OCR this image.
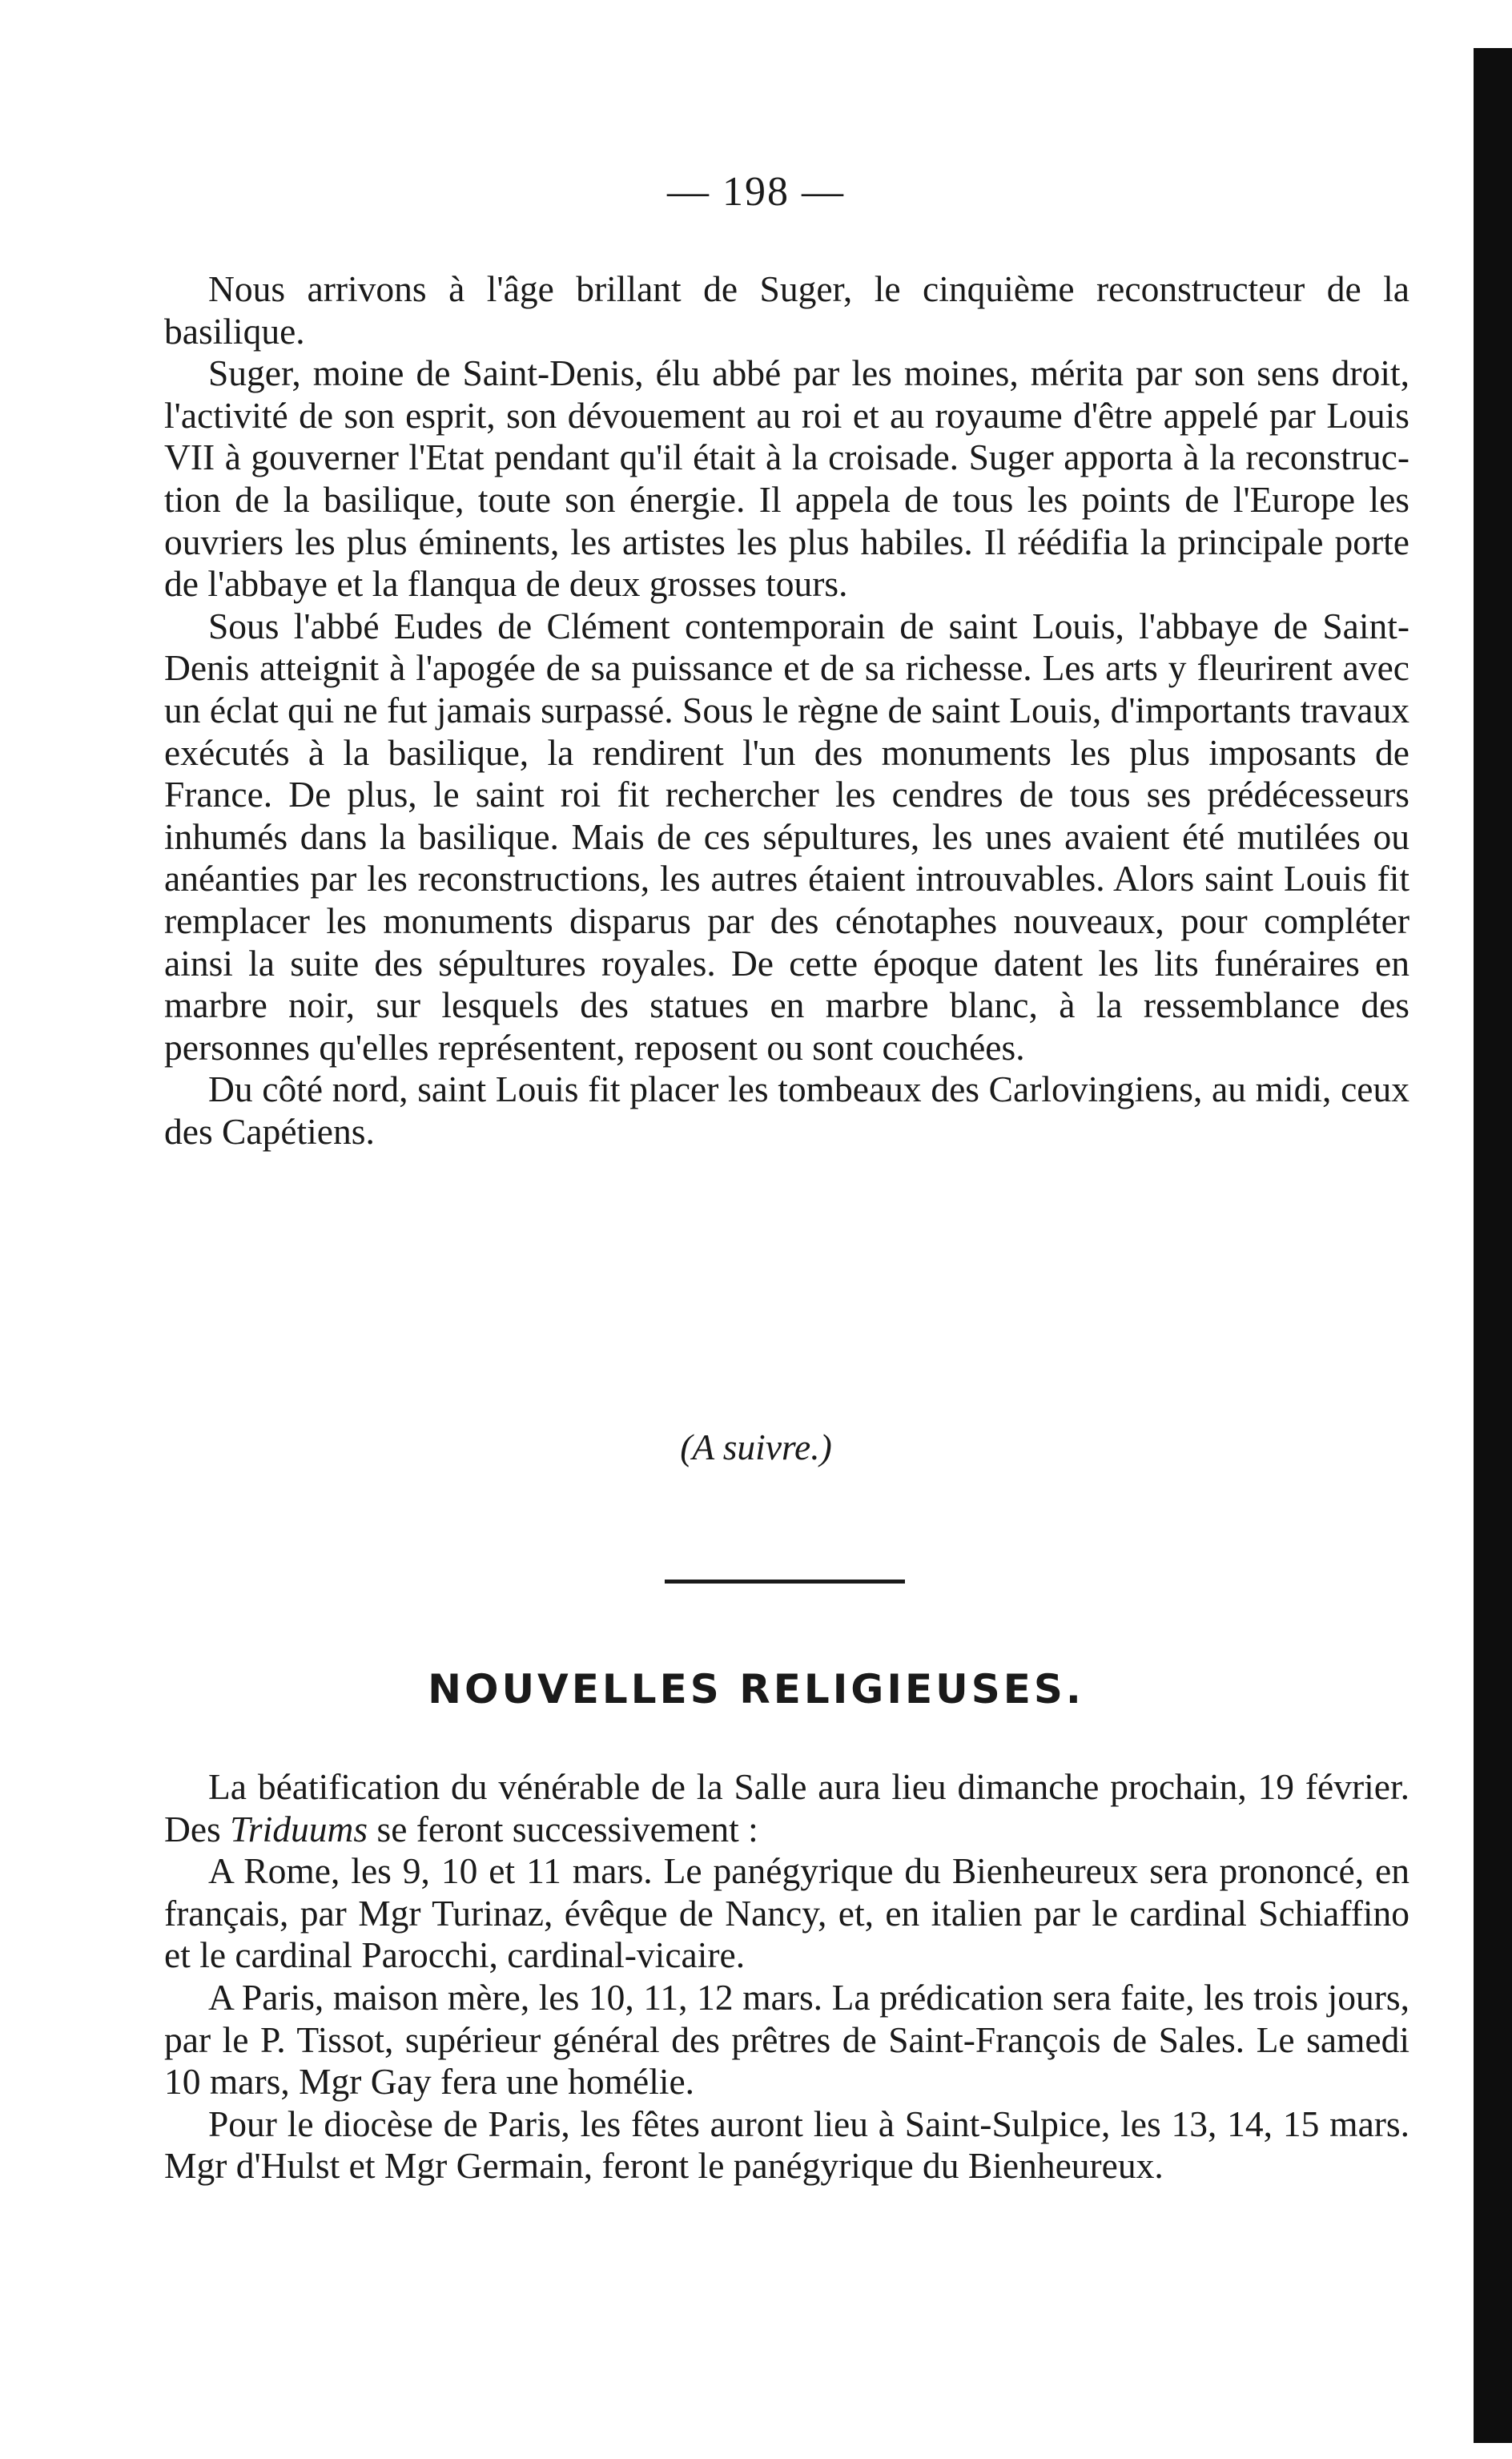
— 198 —

Nous arrivons à l'âge brillant de Suger, le cinquième reconstructeur de la basilique.

Suger, moine de Saint-Denis, élu abbé par les moines, mérita par son sens droit, l'activité de son esprit, son dévouement au roi et au royaume d'être appelé par Louis VII à gouverner l'Etat pendant qu'il était à la croisade. Suger apporta à la reconstruction de la basilique, toute son énergie. Il appela de tous les points de l'Europe les ouvriers les plus éminents, les artistes les plus habiles. Il réédifia la principale porte de l'abbaye et la flanqua de deux grosses tours.

Sous l'abbé Eudes de Clément contemporain de saint Louis, l'abbaye de Saint-Denis atteignit à l'apogée de sa puissance et de sa richesse. Les arts y fleurirent avec un éclat qui ne fut jamais surpassé. Sous le règne de saint Louis, d'importants travaux exécutés à la basilique, la rendirent l'un des monuments les plus imposants de France. De plus, le saint roi fit rechercher les cendres de tous ses prédécesseurs inhumés dans la basilique. Mais de ces sépultures, les unes avaient été mutilées ou anéanties par les reconstructions, les autres étaient introuvables. Alors saint Louis fit remplacer les monuments disparus par des cénotaphes nouveaux, pour compléter ainsi la suite des sépultures royales. De cette époque datent les lits funéraires en marbre noir, sur lesquels des statues en marbre blanc, à la ressemblance des personnes qu'elles représentent, reposent ou sont couchées.

Du côté nord, saint Louis fit placer les tombeaux des Carlovingiens, au midi, ceux des Capétiens.

(A suivre.)
NOUVELLES RELIGIEUSES.

La béatification du vénérable de la Salle aura lieu dimanche prochain, 19 février. Des Triduums se feront successivement :

A Rome, les 9, 10 et 11 mars. Le panégyrique du Bienheureux sera prononcé, en français, par Mgr Turinaz, évêque de Nancy, et, en italien par le cardinal Schiaffino et le cardinal Parocchi, cardinal-vicaire.

A Paris, maison mère, les 10, 11, 12 mars. La prédication sera faite, les trois jours, par le P. Tissot, supérieur général des prêtres de Saint-François de Sales. Le samedi 10 mars, Mgr Gay fera une homélie.

Pour le diocèse de Paris, les fêtes auront lieu à Saint-Sulpice, les 13, 14, 15 mars. Mgr d'Hulst et Mgr Germain, feront le panégyrique du Bienheureux.
